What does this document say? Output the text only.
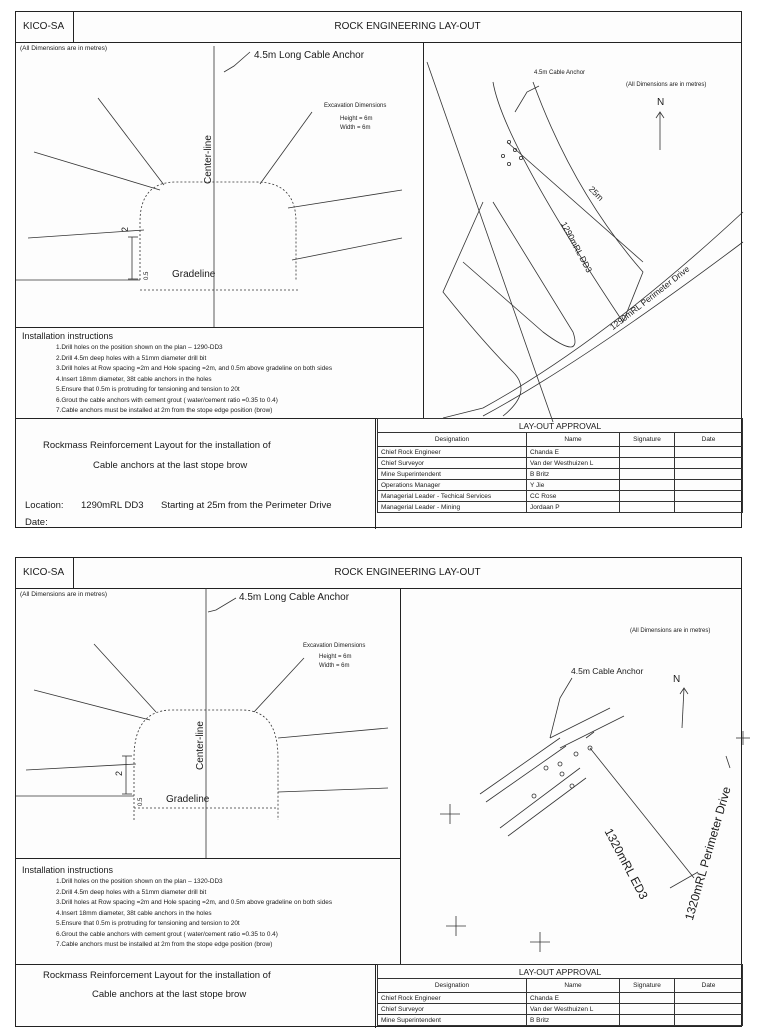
KICO-SA	ROCK ENGINEERING LAY-OUT
(All Dimensions are in metres)
4.5m Long Cable Anchor
Excavation Dimensions
Height = 6m
Width = 6m
Center-line
2
0.5 Gradeline
(All Dimensions are in metres)
4.5m Cable Anchor
N
25m
1290mRL DD3
1290mRL Perimeter Drive
Installation instructions
1.Drill holes on the position shown on the plan – 1290-DD3
2.Drill 4.5m deep holes with a 51mm diameter drill bit
3.Drill holes at Row spacing =2m and Hole spacing =2m, and 0.5m above gradeline on both sides
4.Insert 18mm diameter, 38t cable anchors in the holes
5.Ensure that 0.5m is protruding for tensioning and tension to 20t
6.Grout the cable anchors with cement grout ( water/cement ratio =0.35 to 0.4)
7.Cable anchors must be installed at 2m from the stope edge position (brow)
Rockmass Reinforcement Layout for the installation of
Cable anchors at the last stope brow
Location: 1290mRL DD3 Starting at 25m from the Perimeter Drive
Date:
LAY-OUT APPROVAL			
Designation	Name	Signature	Date
Chief Rock Engineer	Chanda E		
Chief Surveyor	Van der Westhuizen L		
Mine Superintendent	B Britz		
Operations Manager	Y Jie		
Managerial Leader - Techical Services	CC Rose		
Managerial Leader - Mining	Jordaan P		
KICO-SA	ROCK ENGINEERING LAY-OUT
(All Dimensions are in metres)	4.5m Long Cable Anchor
Excavation Dimensions
Height = 6m
Width = 6m
Center-line
2
0.5 Gradeline
(All Dimensions are in metres)
4.5m Cable Anchor
N
1320mRL ED3	1320mRL Perimeter Drive
Installation instructions
1.Drill holes on the position shown on the plan – 1320-DD3
2.Drill 4.5m deep holes with a 51mm diameter drill bit
3.Drill holes at Row spacing =2m and Hole spacing =2m, and 0.5m above gradeline on both sides
4.Insert 18mm diameter, 38t cable anchors in the holes
5.Ensure that 0.5m is protruding for tensioning and tension to 20t
6.Grout the cable anchors with cement grout ( water/cement ratio =0.35 to 0.4)
7.Cable anchors must be installed at 2m from the stope edge position (brow)
Rockmass Reinforcement Layout for the installation of
Cable anchors at the last stope brow
LAY-OUT APPROVAL			
Designation	Name	Signature	Date
Chief Rock Engineer	Chanda E		
Chief Surveyor	Van der Westhuizen L		
Mine Superintendent	B Britz		
